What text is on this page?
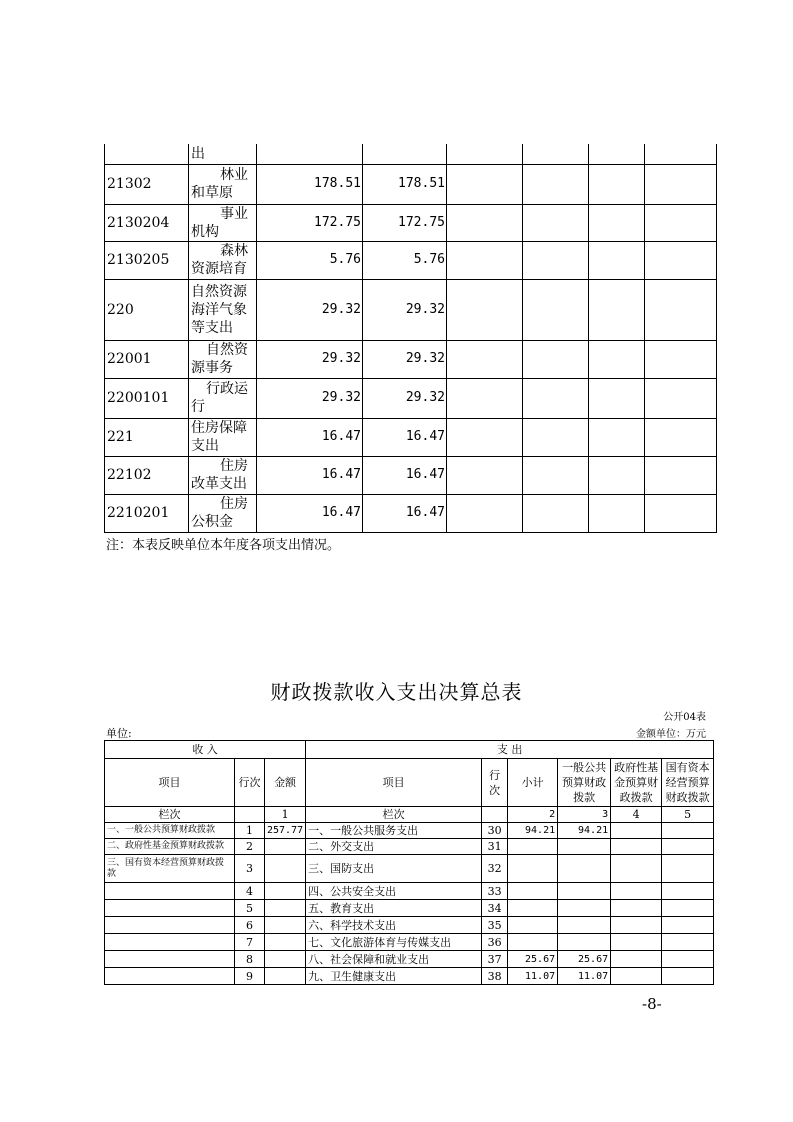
	出						
21302	林业
和草原	178.51	178.51				
2130204	事业
机构	172.75	172.75				
2130205	森林
资源培育	5.76	5.76				
220	自然资源海洋气象等支出	29.32	29.32				
22001	自然资
源事务	29.32	29.32				
2200101	行政运
行	29.32	29.32				
221	住房保障支出	16.47	16.47				
22102	住房
改革支出	16.47	16.47				
2210201	住房
公积金	16.47	16.47				
注：本表反映单位本年度各项支出情况。
财政拨款收入支出决算总表
公开04表
单位:	金额单位：万元
收 入			支 出					
项目	行次	金额	项目	行次	小计	一般公共预算财政拨款	政府性基金预算财政拨款	国有资本经营预算财政拨款
栏次		1	栏次		2	3	4	5
一、一般公共预算财政拨款	1	257.77	一、一般公共服务支出	30	94.21	94.21		
二、政府性基金预算财政拨款	2		二、外交支出	31				
三、国有资本经营预算财政拨款	3		三、国防支出	32				
	4		四、公共安全支出	33				
	5		五、教育支出	34				
	6		六、科学技术支出	35				
	7		七、文化旅游体育与传媒支出	36				
	8		八、社会保障和就业支出	37	25.67	25.67		
	9		九、卫生健康支出	38	11.07	11.07		
-8-
